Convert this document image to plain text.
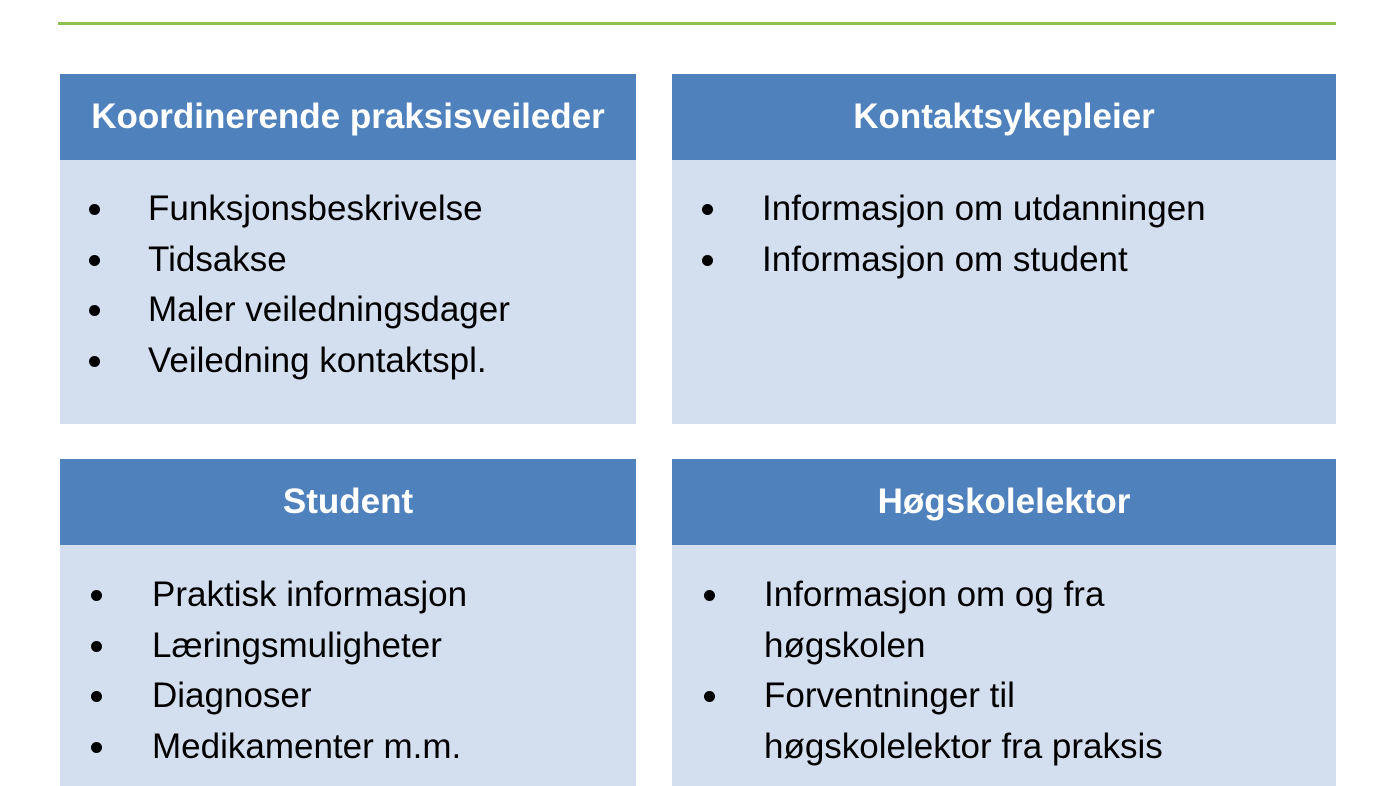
Koordinerende praksisveileder
Funksjonsbeskrivelse
Tidsakse
Maler veiledningsdager
Veiledning kontaktspl.
Kontaktsykepleier
Informasjon om utdanningen
Informasjon om student
Student
Praktisk informasjon
Læringsmuligheter
Diagnoser
Medikamenter m.m.
Høgskolelektor
Informasjon om og fra høgskolen
Forventninger til høgskolelektor fra praksis
